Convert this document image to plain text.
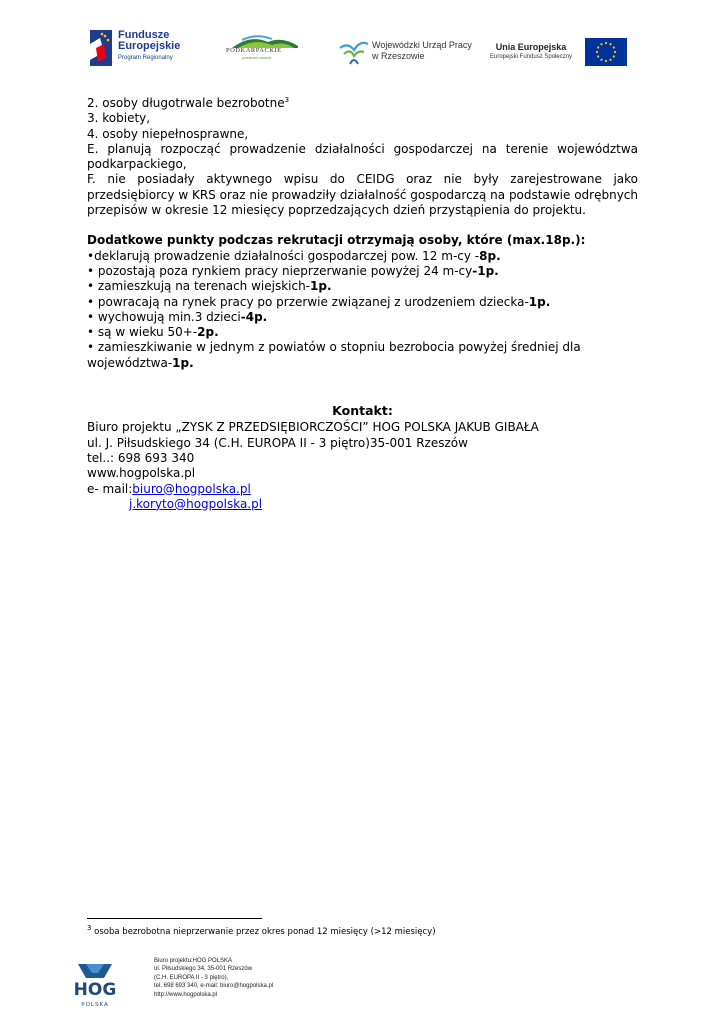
Fundusze
Europejskie
Program Regionalny
PODKARPACKIE
przestrzeń otwarta
Wojewódzki Urząd Pracy
w Rzeszowie
Unia Europejska
Europejski Fundusz Społeczny

2. osoby długotrwale bezrobotne$^3$

3. kobiety,

4. osoby niepełnosprawne,

E. planują rozpocząć prowadzenie działalności gospodarczej na terenie województwa podkarpackiego,

F. nie posiadały aktywnego wpisu do CEIDG oraz nie były zarejestrowane jako przedsiębiorcy w KRS oraz nie prowadziły działalność gospodarczą na podstawie odrębnych przepisów w okresie 12 miesięcy poprzedzających dzień przystąpienia do projektu.

Dodatkowe punkty podczas rekrutacji otrzymają osoby, które (max.18p.):

•deklarują prowadzenie działalności gospodarczej pow. 12 m-cy -8p.

• pozostają poza rynkiem pracy nieprzerwanie powyżej 24 m-cy-1p.

• zamieszkują na terenach wiejskich-1p.

• powracają na rynek pracy po przerwie związanej z urodzeniem dziecka-1p.

• wychowują min.3 dzieci-4p.

• są w wieku 50+-2p.

• zamieszkiwanie w jednym z powiatów o stopniu bezrobocia powyżej średniej dla województwa-1p.

Kontakt:

Biuro projektu „ZYSK Z PRZEDSIĘBIORCZOŚCI” HOG POLSKA JAKUB GIBAŁA

ul. J. Piłsudskiego 34 (C.H. EUROPA II - 3 piętro)35-001 Rzeszów

tel..: 698 693 340

www.hogpolska.pl

e- mail:biuro@hogpolska.pl

j.koryto@hogpolska.pl

$^3$ osoba bezrobotna nieprzerwanie przez okres ponad 12 miesięcy (>12 miesięcy)
HOG
POLSKA

Biuro projektu:HOG POLSKA

ul. Piłsudskiego 34, 35-001 Rzeszów

(C.H. EUROPA II - 3 piętro),

tel. 698 693 340, e-mail: biuro@hogpolska.pl

http://www.hogpolska.pl
